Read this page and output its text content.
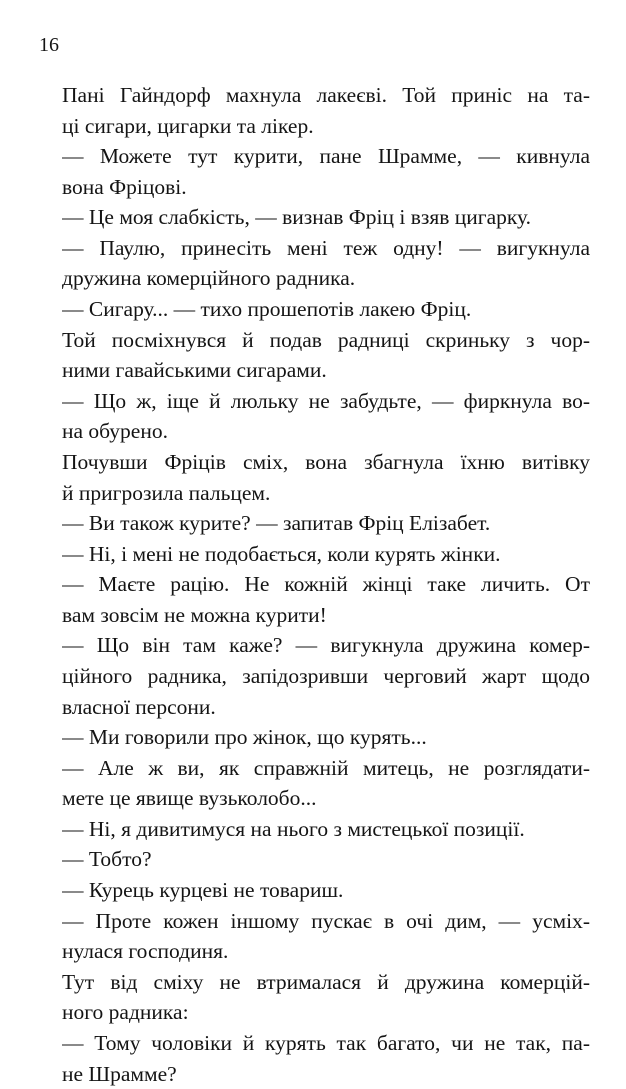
16
Пані Гайндорф махнула лакеєві. Той приніс на та-
ці сигари, цигарки та лікер.
— Можете тут курити, пане Шрамме, — кивнула
вона Фріцові.
— Це моя слабкість, — визнав Фріц і взяв цигарку.
— Паулю, принесіть мені теж одну! — вигукнула
дружина комерційного радника.
— Сигару... — тихо прошепотів лакею Фріц.
Той посміхнувся й подав радниці скриньку з чор-
ними гавайськими сигарами.
— Що ж, іще й люльку не забудьте, — фиркнула во-
на обурено.
Почувши Фріців сміх, вона збагнула їхню витівку
й пригрозила пальцем.
— Ви також курите? — запитав Фріц Елізабет.
— Ні, і мені не подобається, коли курять жінки.
— Маєте рацію. Не кожній жінці таке личить. От
вам зовсім не можна курити!
— Що він там каже? — вигукнула дружина комер-
ційного радника, запідозривши черговий жарт щодо
власної персони.
— Ми говорили про жінок, що курять...
— Але ж ви, як справжній митець, не розглядати-
мете це явище вузьколобо...
— Ні, я дивитимуся на нього з мистецької позиції.
— Тобто?
— Курець курцеві не товариш.
— Проте кожен іншому пускає в очі дим, — усміх-
нулася господиня.
Тут від сміху не втрималася й дружина комерцій-
ного радника:
— Тому чоловіки й курять так багато, чи не так, па-
не Шрамме?
